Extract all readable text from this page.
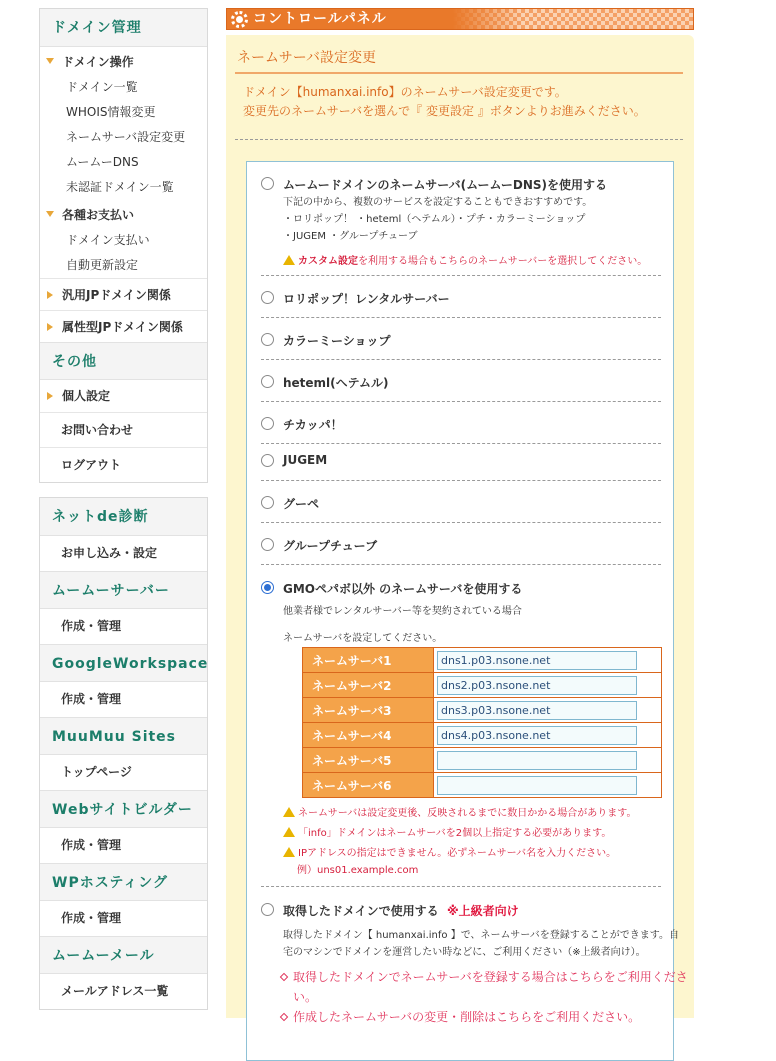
ドメイン管理
ドメイン操作
ドメイン一覧
WHOIS情報変更
ネームサーバ設定変更
ムームーDNS
未認証ドメイン一覧
各種お支払い
ドメイン支払い
自動更新設定
汎用JPドメイン関係
属性型JPドメイン関係
その他
個人設定
お問い合わせ
ログアウト
ネットde診断
お申し込み・設定
ムームーサーバー
作成・管理
GoogleWorkspace
作成・管理
MuuMuu Sites
トップページ
Webサイトビルダー
作成・管理
WPホスティング
作成・管理
ムームーメール
メールアドレス一覧
コントロールパネル
ネームサーバ設定変更
ドメイン【humanxai.info】のネームサーバ設定変更です。
変更先のネームサーバを選んで『 変更設定 』ボタンよりお進みください。
ムームードメインのネームサーバ(ムームーDNS)を使用する
下記の中から、複数のサービスを設定することもできおすすめです。
・ロリポップ！ ・heteml（ヘテムル）・プチ・カラーミーショップ
・JUGEM ・グループチューブ
カスタム設定を利用する場合もこちらのネームサーバーを選択してください。
ロリポップ！レンタルサーバー
カラーミーショップ
heteml(ヘテムル)
チカッパ！
JUGEM
グーペ
グループチューブ
GMOペパボ以外 のネームサーバを使用する
他業者様でレンタルサーバー等を契約されている場合
ネームサーバを設定してください。
ネームサーバ1	dns1.p03.nsone.net
ネームサーバ2	dns2.p03.nsone.net
ネームサーバ3	dns3.p03.nsone.net
ネームサーバ4	dns4.p03.nsone.net
ネームサーバ5	
ネームサーバ6	
ネームサーバは設定変更後、反映されるまでに数日かかる場合があります。
「info」ドメインはネームサーバを2個以上指定する必要があります。
IPアドレスの指定はできません。必ずネームサーバ名を入力ください。
例）uns01.example.com
取得したドメインで使用する ※上級者向け
取得したドメイン【 humanxai.info 】で、ネームサーバを登録することができます。自
宅のマシンでドメインを運営したい時などに、ご利用ください（※上級者向け）。
取得したドメインでネームサーバを登録する場合はこちらをご利用くださ
い。
作成したネームサーバの変更・削除はこちらをご利用ください。
